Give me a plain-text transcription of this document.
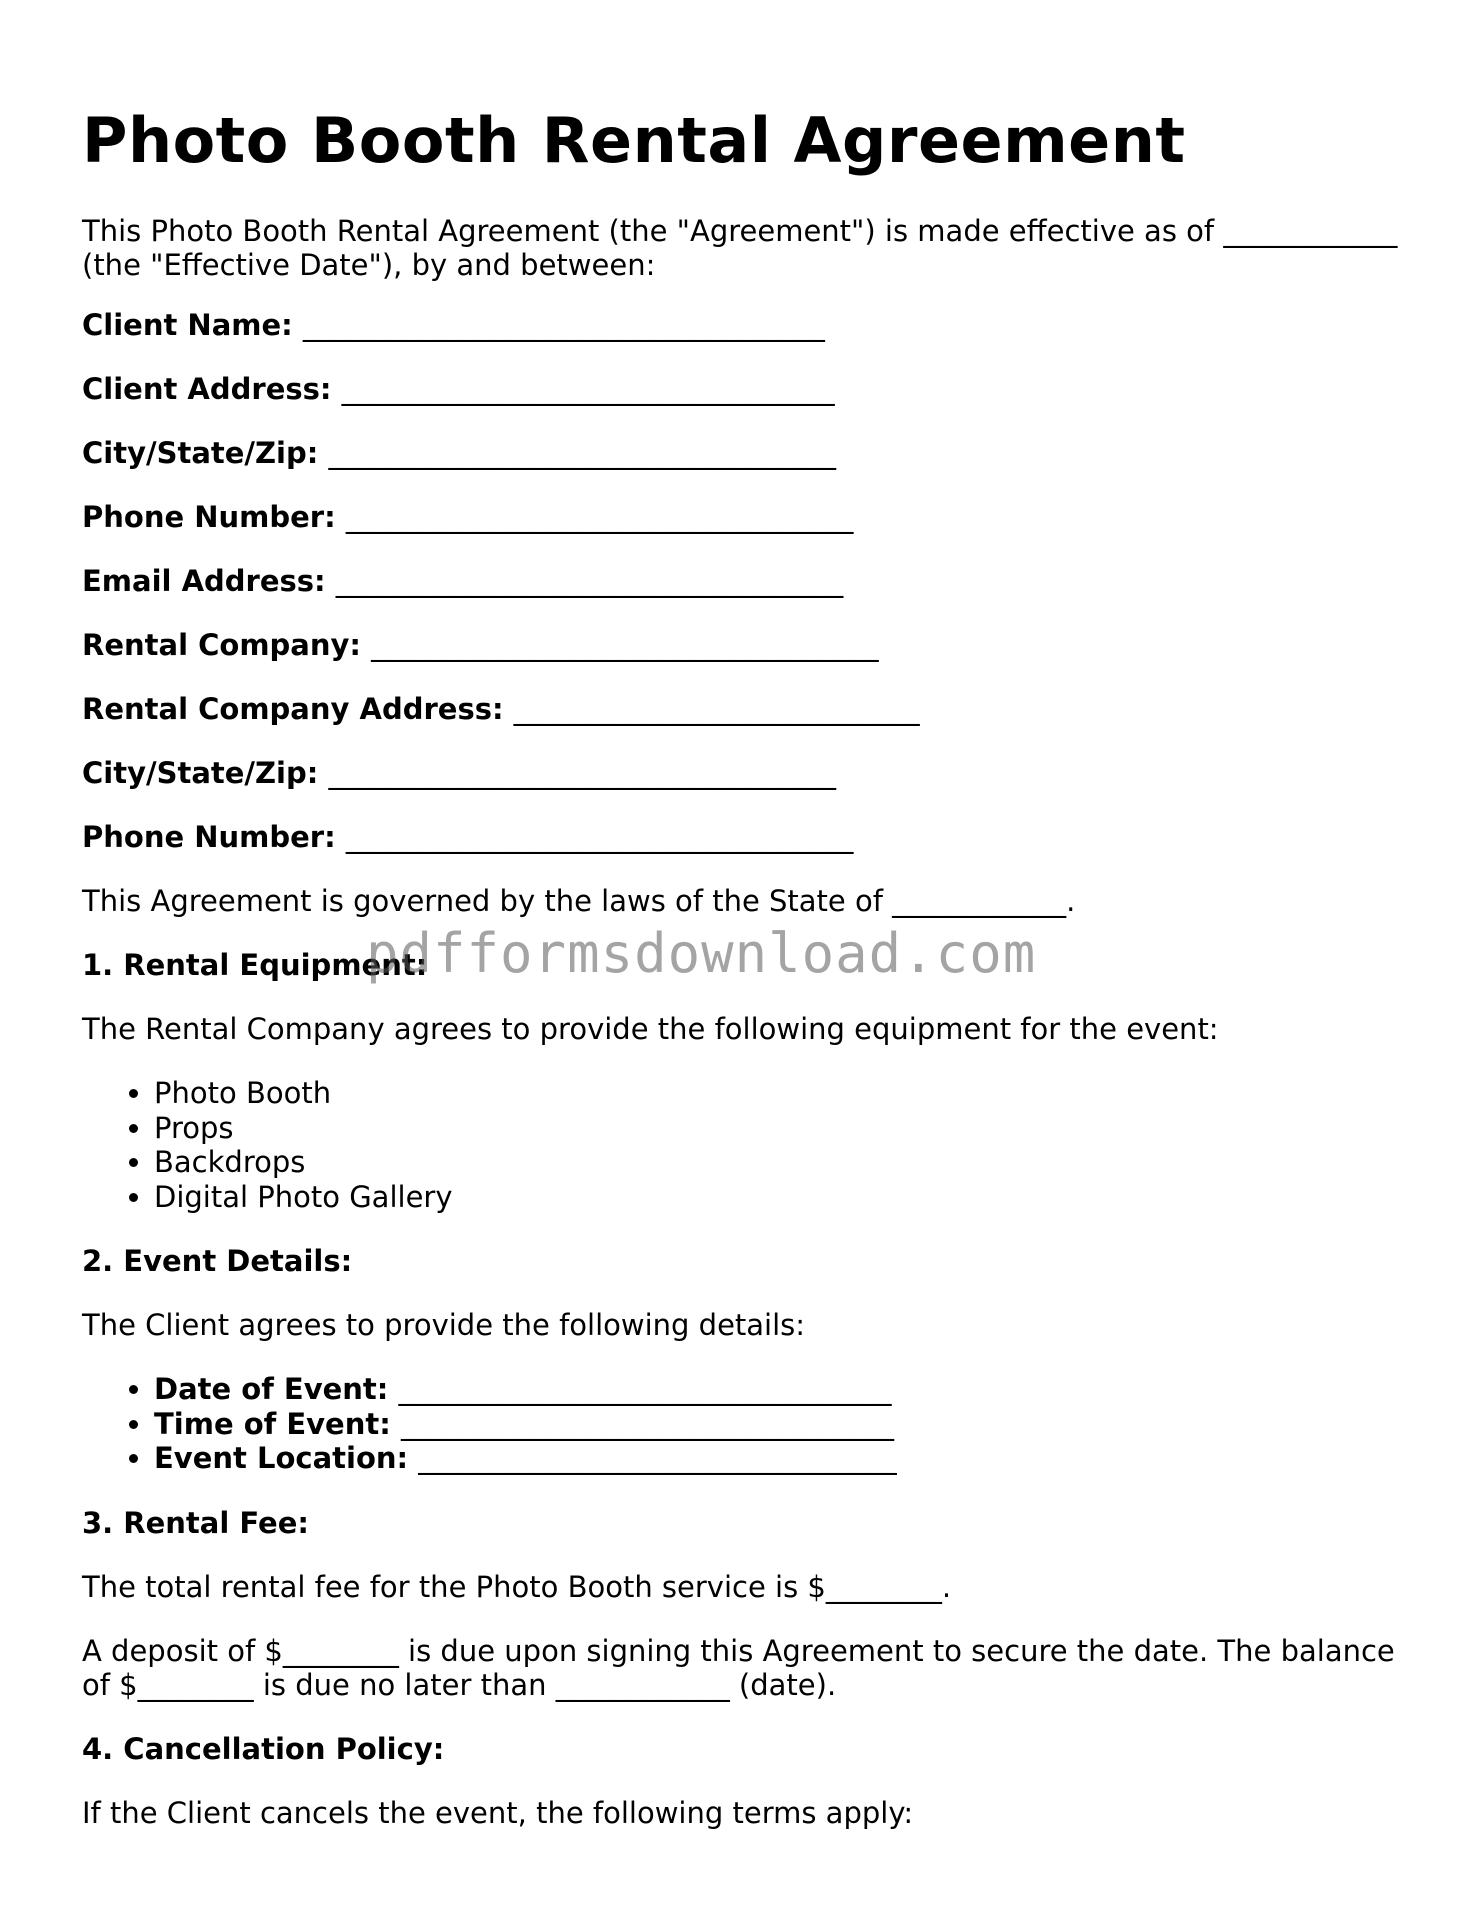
Photo Booth Rental Agreement

This Photo Booth Rental Agreement (the "Agreement") is made effective as of ____________ (the "Effective Date"), by and between:

Client Name: ____________________________________
Client Address: __________________________________
City/State/Zip: ___________________________________
Phone Number: ___________________________________
Email Address: ___________________________________
Rental Company: ___________________________________
Rental Company Address: ____________________________
City/State/Zip: ___________________________________
Phone Number: ___________________________________

This Agreement is governed by the laws of the State of ____________.

1. Rental Equipment:

The Rental Company agrees to provide the following equipment for the event:

• Photo Booth
• Props
• Backdrops
• Digital Photo Gallery
2. Event Details:

The Client agrees to provide the following details:

• Date of Event: __________________________________
• Time of Event: __________________________________
• Event Location: _________________________________
3. Rental Fee:

The total rental fee for the Photo Booth service is $________.

A deposit of $________ is due upon signing this Agreement to secure the date. The balance of $________ is due no later than ____________ (date).

4. Cancellation Policy:

If the Client cancels the event, the following terms apply:

pdfformsdownload.com
